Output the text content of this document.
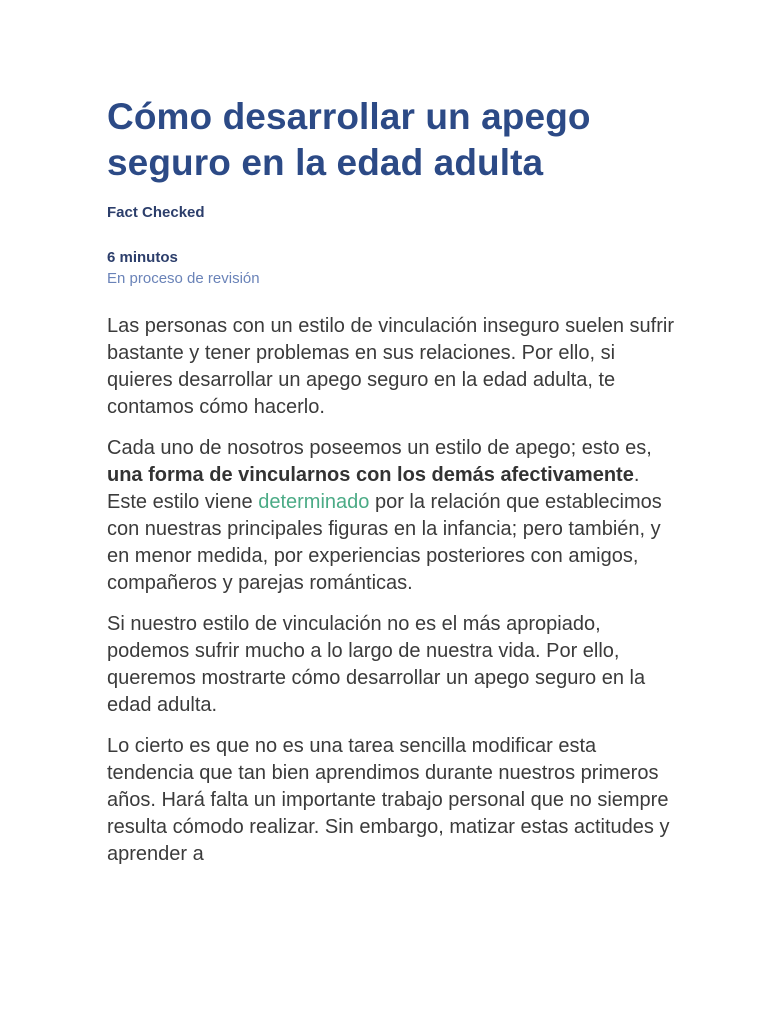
Cómo desarrollar un apego seguro en la edad adulta
Fact Checked
6 minutos
En proceso de revisión

Las personas con un estilo de vinculación inseguro suelen sufrir bastante y tener problemas en sus relaciones. Por ello, si quieres desarrollar un apego seguro en la edad adulta, te contamos cómo hacerlo.

Cada uno de nosotros poseemos un estilo de apego; esto es, una forma de vincularnos con los demás afectivamente. Este estilo viene determinado por la relación que establecimos con nuestras principales figuras en la infancia; pero también, y en menor medida, por experiencias posteriores con amigos, compañeros y parejas románticas.

Si nuestro estilo de vinculación no es el más apropiado, podemos sufrir mucho a lo largo de nuestra vida. Por ello, queremos mostrarte cómo desarrollar un apego seguro en la edad adulta.

Lo cierto es que no es una tarea sencilla modificar esta tendencia que tan bien aprendimos durante nuestros primeros años. Hará falta un importante trabajo personal que no siempre resulta cómodo realizar. Sin embargo, matizar estas actitudes y aprender a
